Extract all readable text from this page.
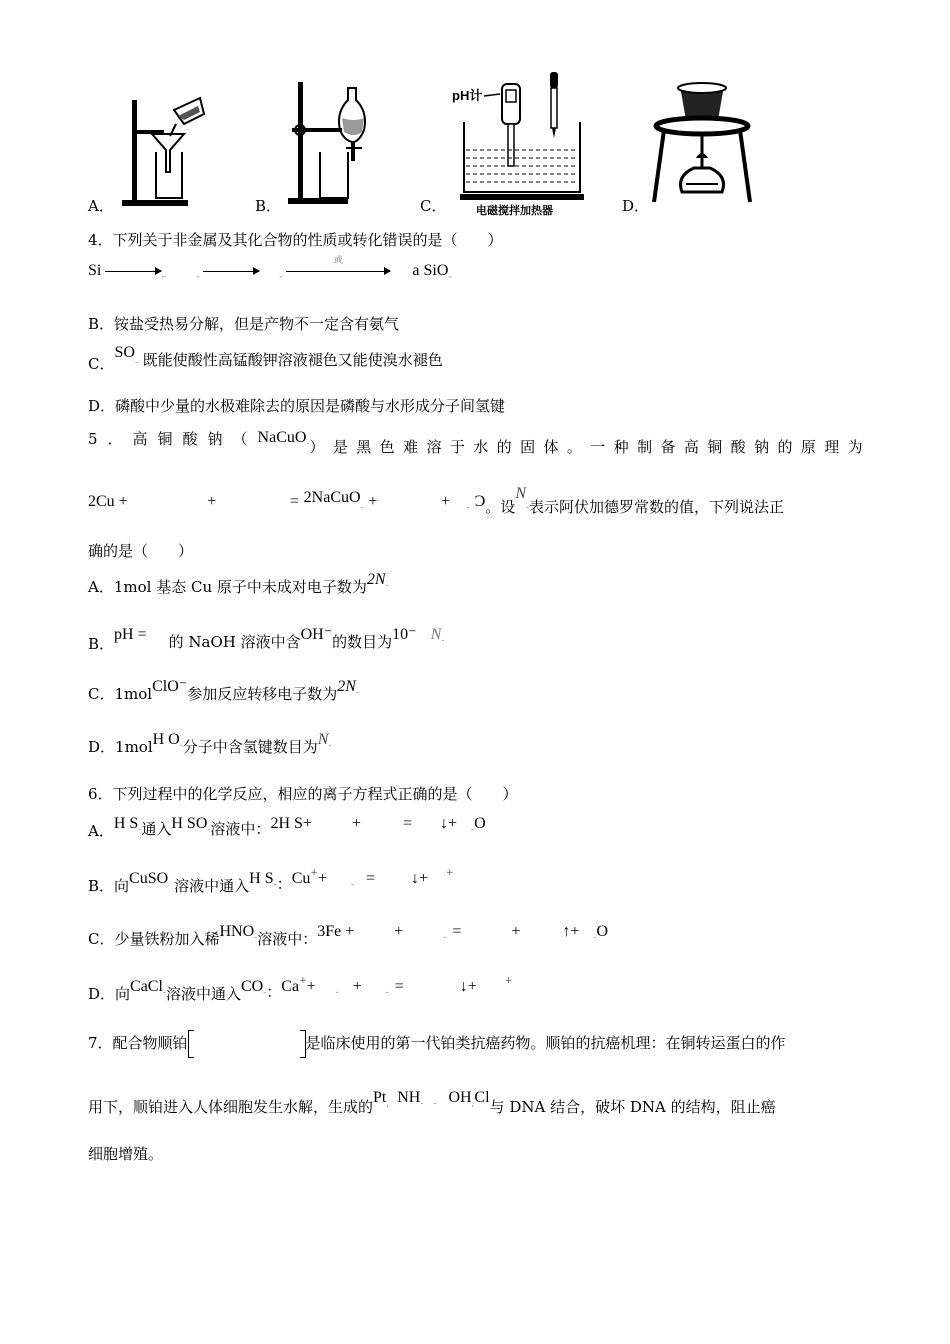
pH计
电磁搅拌加热器
A．	B．	C．	D．
4．下列关于非金属及其化合物的性质或转化错误的是（　　）
Si	$_⌐$	$_-$	$_-$
或
a SiO$_-$
B．铵盐受热易分解，但是产物不一定含有氨气
C．$SO_-$ 既能使酸性高锰酸钾溶液褪色又能使溴水褪色
D．磷酸中少量的水极难除去的原因是磷酸与水形成分子间氢键
5．高铜酸钠（ NaCuO$_-$ ）是黑色难溶于水的固体。一种制备高铜酸钠的原理为
2Cu +	+	= 2NaCuO$_-$ +	+ $_-$ Ɔ。设$N_-$表示阿伏加德罗常数的值，下列说法正
确的是（　　）
A．1mol 基态 Cu 原子中未成对电子数为$2N_-$
B．pH = 的 NaOH 溶液中含OH⁻的数目为10⁻ $N_-$
C．1molClO⁻参加反应转移电子数为$2N_-$
D．1molH $O_-$分子中含氢键数目为$N_-$
6．下列过程中的化学反应，相应的离子方程式正确的是（　　）
A．H $S_-$通入H $SO_-$溶液中：2H S+	+	= ↓+ $_-$O
B．向CuSO 溶液中通入H $S_-$：Cu++	$_-$ = ↓+ +
C．少量铁粉加入稀$HNO_-$溶液中：3Fe +	+	$_-$ =	+	↑+ $_-$O
D．向CaCl$_-$溶液中通入$CO_-$：Ca++ $_-$ +	$_-$ =	↓+	+
7．配合物顺铂	是临床使用的第一代铂类抗癌药物。顺铂的抗癌机理：在铜转运蛋白的作
用下，顺铂进入人体细胞发生水解，生成的$Pt_,$ $NH_-$ $_-$ $OH_,Cl$与 DNA 结合，破坏 DNA 的结构，阻止癌
细胞增殖。
